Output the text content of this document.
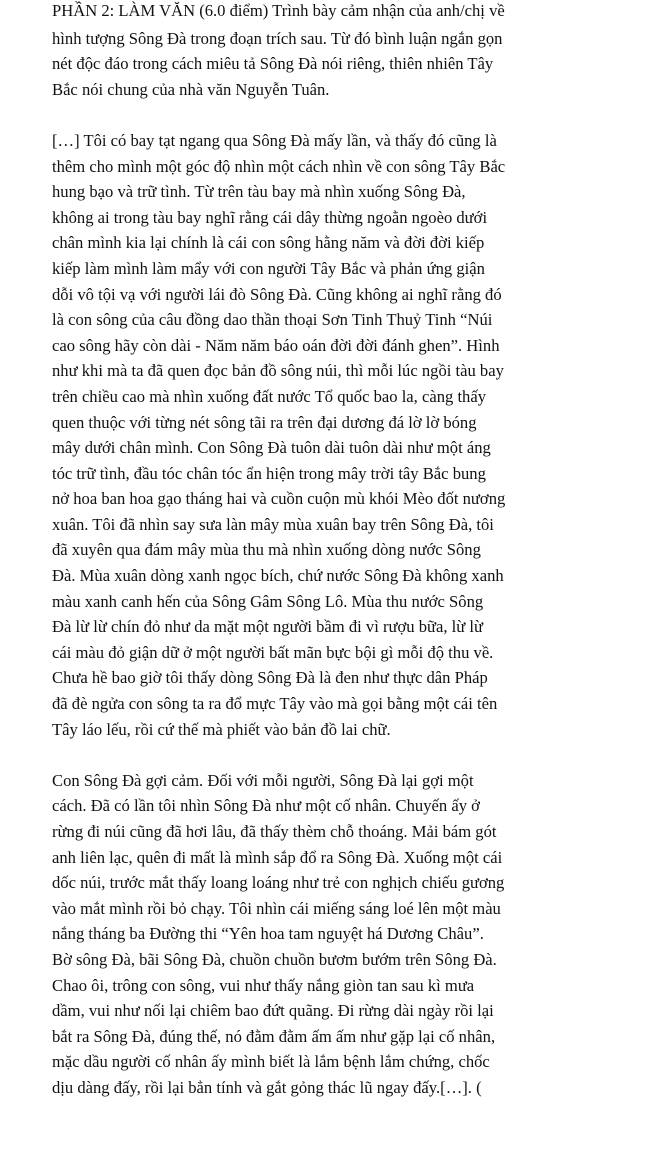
PHẦN 2: LÀM VĂN (6.0 điểm) Trình bày cảm nhận của anh/chị về
hình tượng Sông Đà trong đoạn trích sau. Từ đó bình luận ngắn gọn
nét độc đáo trong cách miêu tả Sông Đà nói riêng, thiên nhiên Tây
Bắc nói chung của nhà văn Nguyễn Tuân.

[…] Tôi có bay tạt ngang qua Sông Đà mấy lần, và thấy đó cũng là
thêm cho mình một góc độ nhìn một cách nhìn về con sông Tây Bắc
hung bạo và trữ tình. Từ trên tàu bay mà nhìn xuống Sông Đà,
không ai trong tàu bay nghĩ rằng cái dây thừng ngoằn ngoèo dưới
chân mình kia lại chính là cái con sông hằng năm và đời đời kiếp
kiếp làm mình làm mẩy với con người Tây Bắc và phản ứng giận
dỗi vô tội vạ với người lái đò Sông Đà. Cũng không ai nghĩ rằng đó
là con sông của câu đồng dao thần thoại Sơn Tinh Thuỷ Tinh “Núi
cao sông hãy còn dài - Năm năm báo oán đời đời đánh ghen”. Hình
như khi mà ta đã quen đọc bản đồ sông núi, thì mỗi lúc ngồi tàu bay
trên chiều cao mà nhìn xuống đất nước Tổ quốc bao la, càng thấy
quen thuộc với từng nét sông tãi ra trên đại dương đá lờ lờ bóng
mây dưới chân mình. Con Sông Đà tuôn dài tuôn dài như một áng
tóc trữ tình, đầu tóc chân tóc ẩn hiện trong mây trời tây Bắc bung
nở hoa ban hoa gạo tháng hai và cuồn cuộn mù khói Mèo đốt nương
xuân. Tôi đã nhìn say sưa làn mây mùa xuân bay trên Sông Đà, tôi
đã xuyên qua đám mây mùa thu mà nhìn xuống dòng nước Sông
Đà. Mùa xuân dòng xanh ngọc bích, chứ nước Sông Đà không xanh
màu xanh canh hến của Sông Gâm Sông Lô. Mùa thu nước Sông
Đà lừ lừ chín đỏ như da mặt một người bầm đi vì rượu bữa, lừ lừ
cái màu đỏ giận dữ ở một người bất mãn bực bội gì mỗi độ thu về.
Chưa hề bao giờ tôi thấy dòng Sông Đà là đen như thực dân Pháp
đã đè ngửa con sông ta ra đổ mực Tây vào mà gọi bằng một cái tên
Tây láo lếu, rồi cứ thế mà phiết vào bản đồ lai chữ.

Con Sông Đà gợi cảm. Đối với mỗi người, Sông Đà lại gợi một
cách. Đã có lần tôi nhìn Sông Đà như một cố nhân. Chuyến ấy ở
rừng đi núi cũng đã hơi lâu, đã thấy thèm chỗ thoáng. Mải bám gót
anh liên lạc, quên đi mất là mình sắp đổ ra Sông Đà. Xuống một cái
dốc núi, trước mắt thấy loang loáng như trẻ con nghịch chiếu gương
vào mắt mình rồi bỏ chạy. Tôi nhìn cái miếng sáng loé lên một màu
nắng tháng ba Đường thi “Yên hoa tam nguyệt há Dương Châu”.
Bờ sông Đà, bãi Sông Đà, chuồn chuồn bươm bướm trên Sông Đà.
Chao ôi, trông con sông, vui như thấy nắng giòn tan sau kì mưa
dầm, vui như nối lại chiêm bao đứt quãng. Đi rừng dài ngày rồi lại
bắt ra Sông Đà, đúng thế, nó đằm đằm ấm ấm như gặp lại cố nhân,
mặc dầu người cố nhân ấy mình biết là lắm bệnh lắm chứng, chốc
dịu dàng đấy, rồi lại bẳn tính và gắt gỏng thác lũ ngay đấy.[…]. (
